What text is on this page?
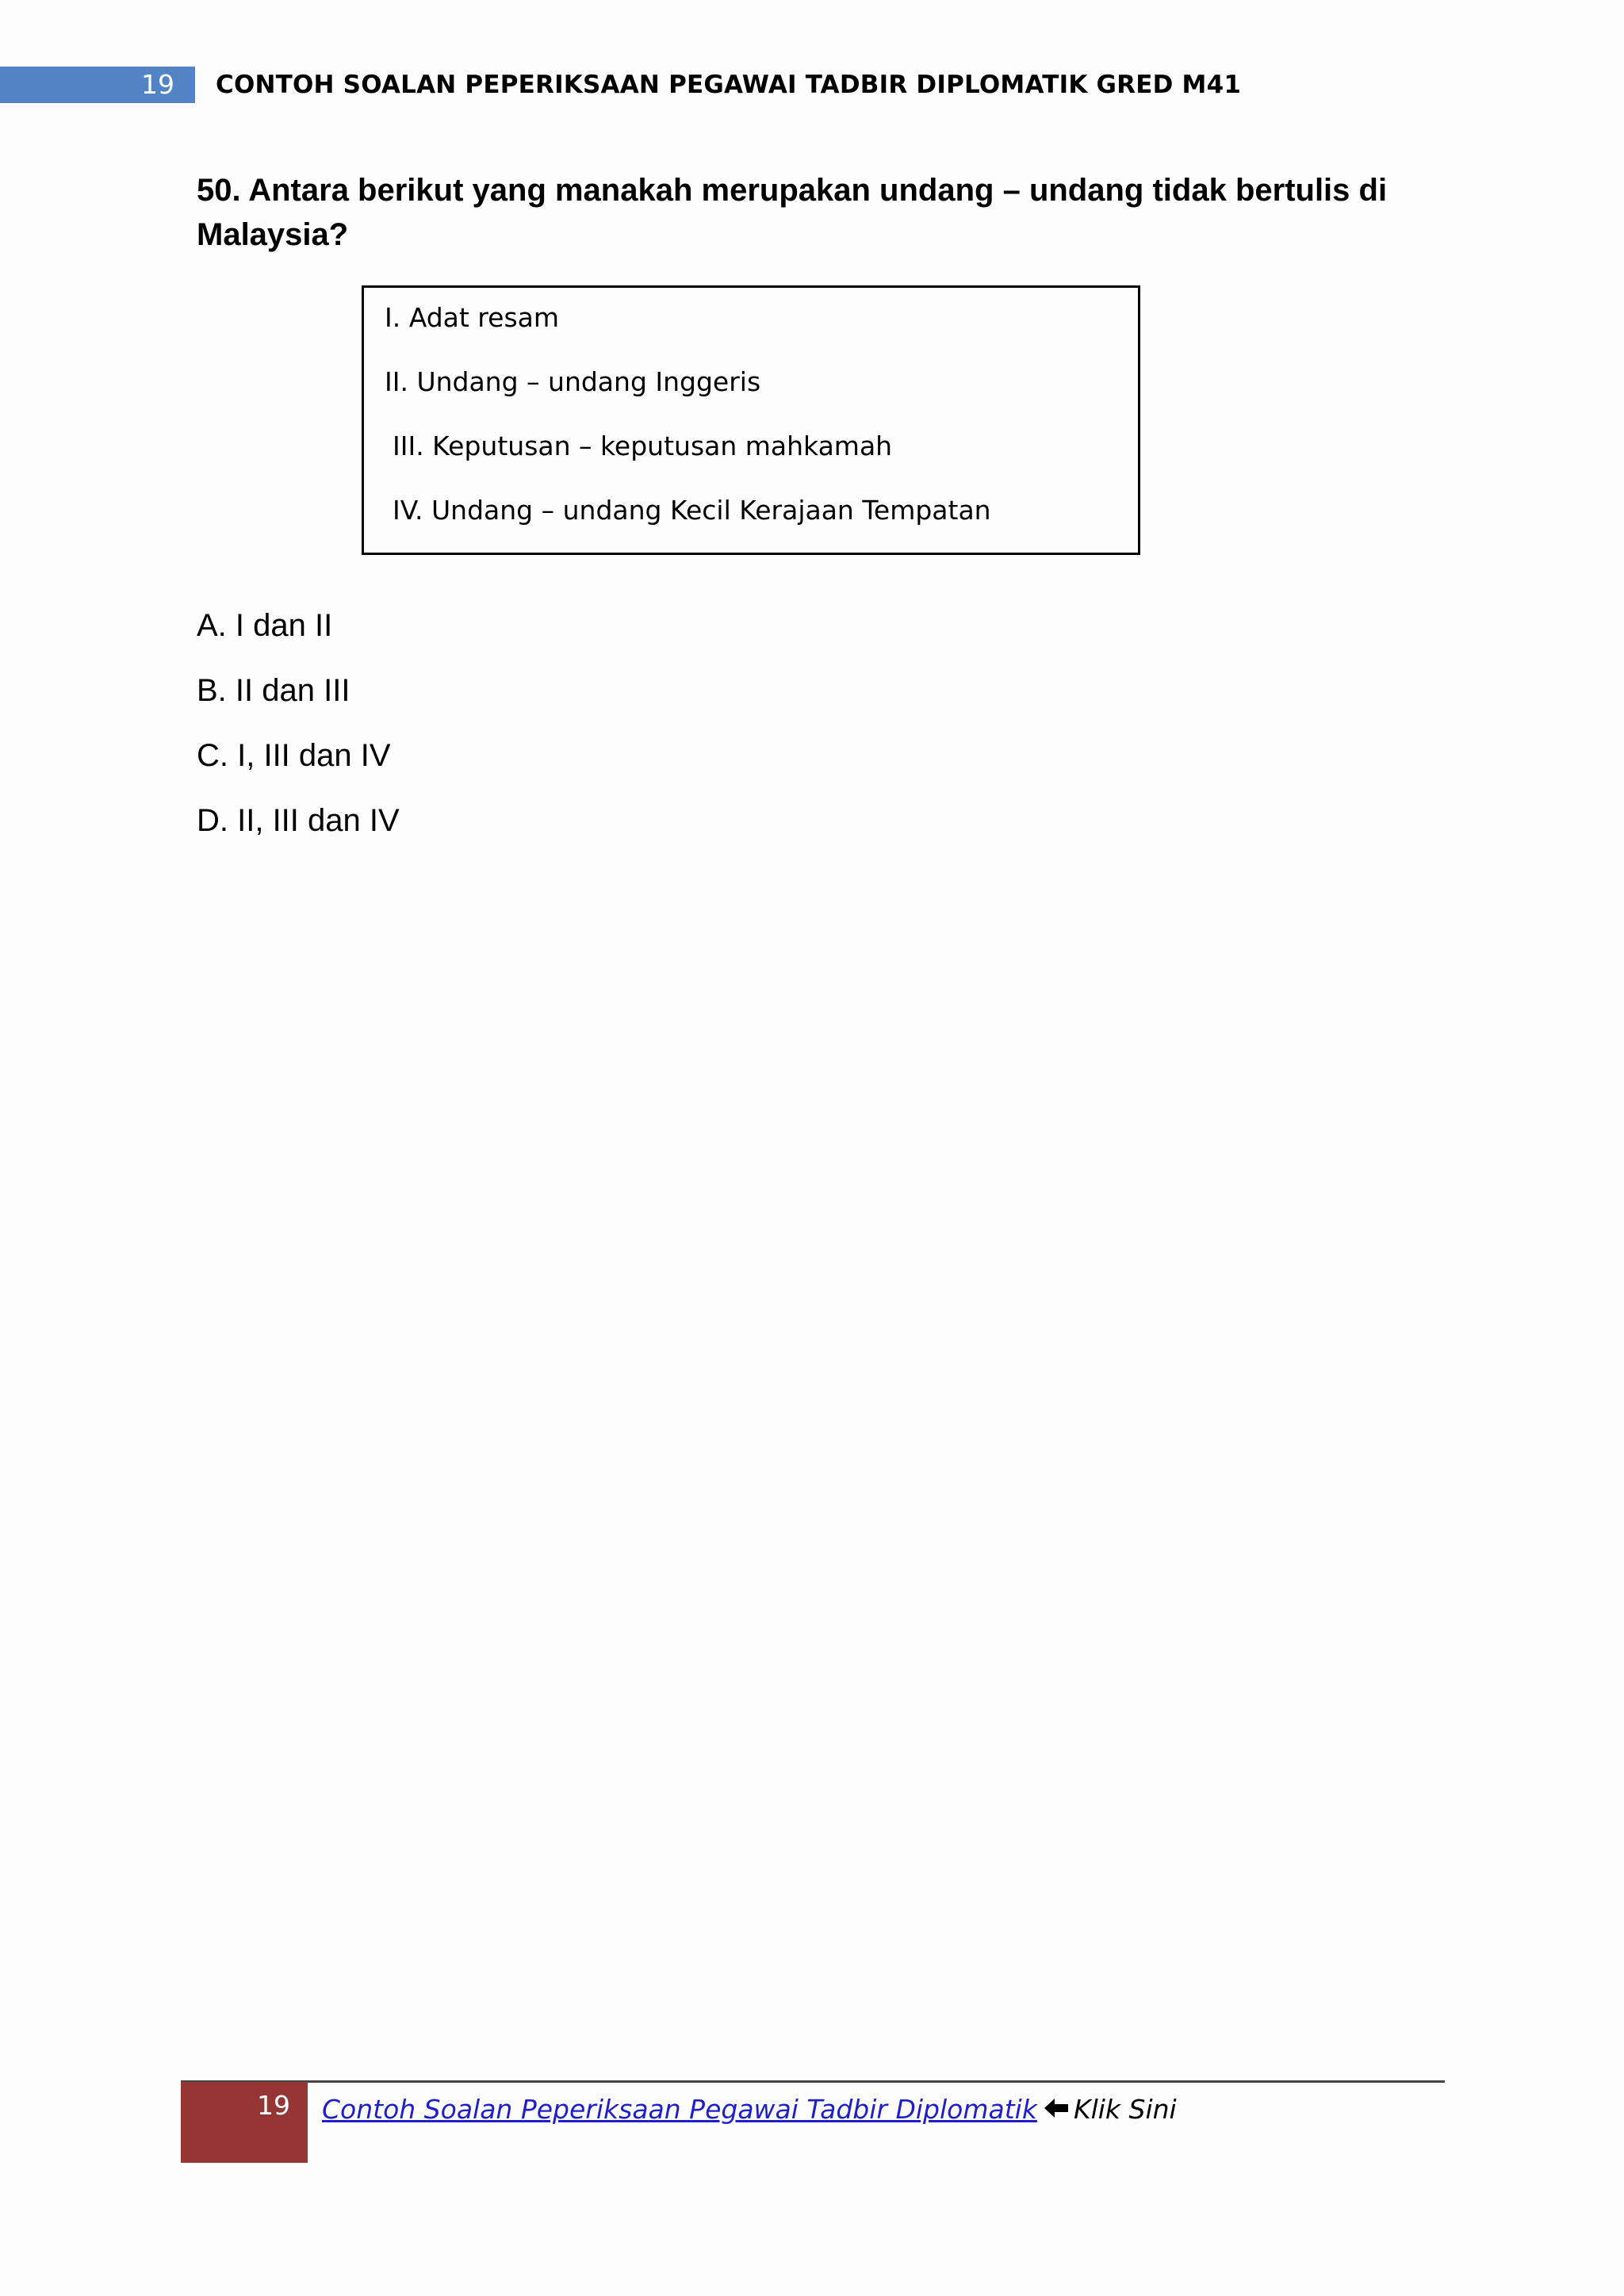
19	CONTOH SOALAN PEPERIKSAAN PEGAWAI TADBIR DIPLOMATIK GRED M41
50. Antara berikut yang manakah merupakan undang – undang tidak bertulis di Malaysia?
I. Adat resam
II. Undang – undang Inggeris
III. Keputusan – keputusan mahkamah
IV. Undang – undang Kecil Kerajaan Tempatan
A. I dan II
B. II dan III
C. I, III dan IV
D. II, III dan IV
19	Contoh Soalan Peperiksaan Pegawai Tadbir Diplomatik Klik Sini
